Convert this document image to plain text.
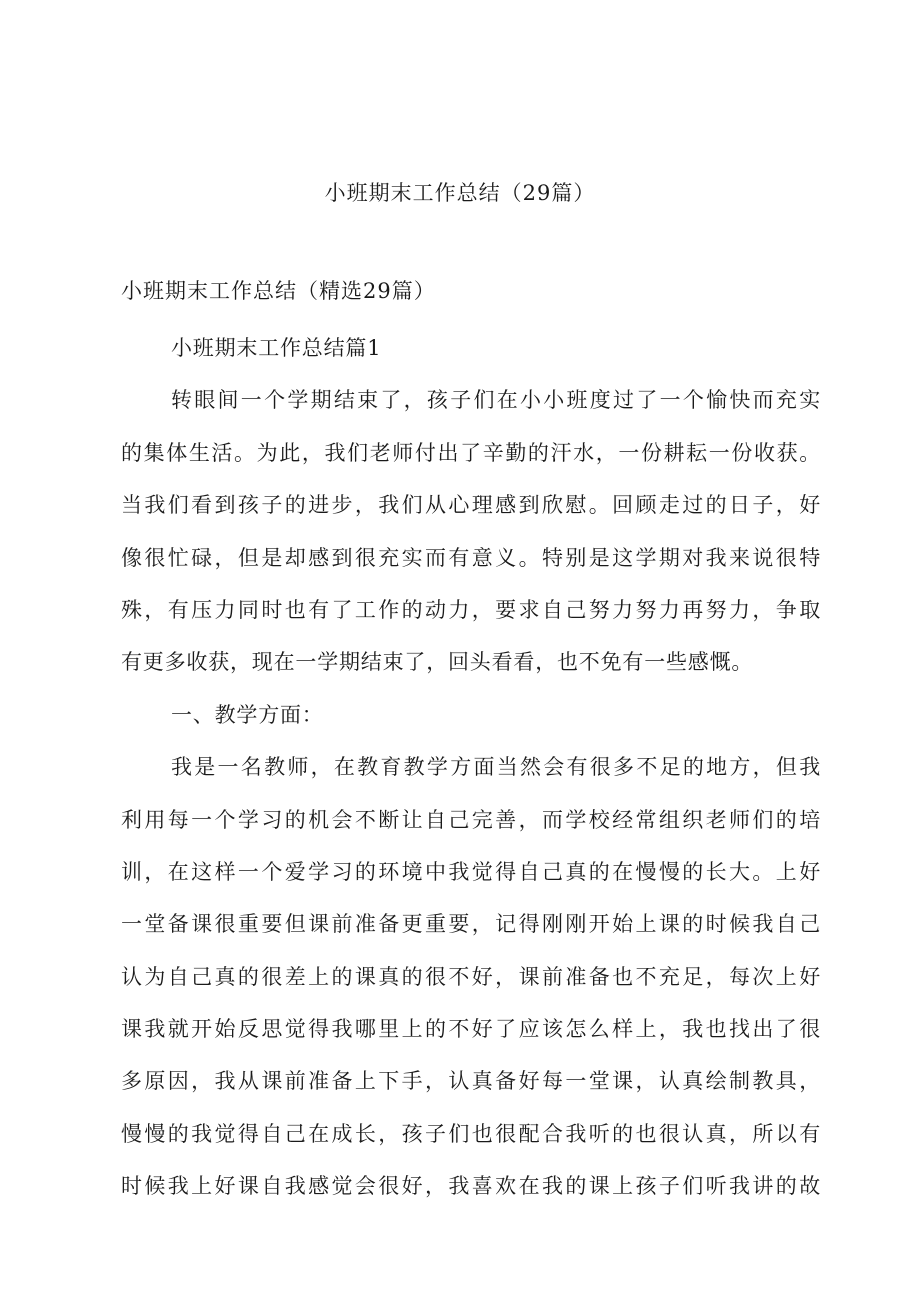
小班期末工作总结（29篇）
小班期末工作总结（精选29篇）
小班期末工作总结篇1
转眼间一个学期结束了，孩子们在小小班度过了一个愉快而充实
的集体生活。为此，我们老师付出了辛勤的汗水，一份耕耘一份收获。
当我们看到孩子的进步，我们从心理感到欣慰。回顾走过的日子，好
像很忙碌，但是却感到很充实而有意义。特别是这学期对我来说很特
殊，有压力同时也有了工作的动力，要求自己努力努力再努力，争取
有更多收获，现在一学期结束了，回头看看，也不免有一些感慨。
一、教学方面：
我是一名教师，在教育教学方面当然会有很多不足的地方，但我
利用每一个学习的机会不断让自己完善，而学校经常组织老师们的培
训，在这样一个爱学习的环境中我觉得自己真的在慢慢的长大。上好
一堂备课很重要但课前准备更重要，记得刚刚开始上课的时候我自己
认为自己真的很差上的课真的很不好，课前准备也不充足，每次上好
课我就开始反思觉得我哪里上的不好了应该怎么样上，我也找出了很
多原因，我从课前准备上下手，认真备好每一堂课，认真绘制教具，
慢慢的我觉得自己在成长，孩子们也很配合我听的也很认真，所以有
时候我上好课自我感觉会很好，我喜欢在我的课上孩子们听我讲的故
